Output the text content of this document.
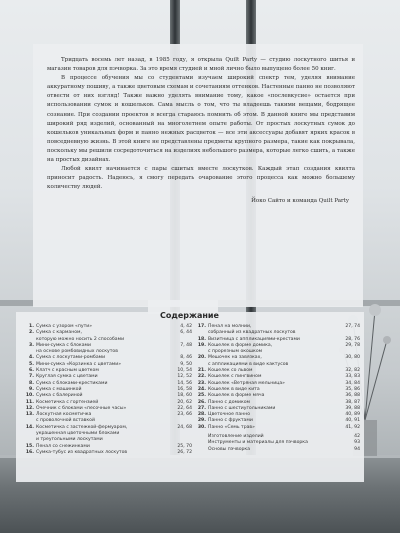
Тридцать восемь лет назад, в 1985 году, я открыла Quilt Party — студию лоскутного шитья и магазин товаров для пэчворка. За это время студией и мной лично было выпущено более 50 книг.

В процессе обучения мы со студентами изучаем широкий спектр тем, уделяя внимание аккуратному пошиву, а также цветовым схемам и сочетаниям оттенков. Настенные панно не позволяют отвести от них взгляд! Также важно уделять внимание тому, какое «послевкусие» остается при использовании сумок и кошельков. Сама мысль о том, что ты владеешь такими вещами, бодрящее сознание. При создании проектов я всегда стараюсь помнить об этом. В данной книге мы представим широкий ряд изделий, основанный на многолетнем опыте работы. От простых лоскутных сумок до кошельков уникальных форм и панно нежных расцветок — все эти аксессуары добавят ярких красок в повседневную жизнь. В этой книге не представлены предметы крупного размера, такие как покрывала, поскольку мы решили сосредоточиться на изделиях небольшого размера, которые легко сшить, а также на простых дизайнах.

Любой квилт начинается с пары сшитых вместе лоскутков. Каждый этап создания квилта приносит радость. Надеюсь, я смогу передать очарование этого процесса как можно большему количеству людей.

Йоко Сайто и команда Quilt Party

Содержание
1. Сумка с узором «пути»	4, 42
2. Сумка с карманом,
которую можно носить 2 способами
6, 44
3. Мини-сумка с блоками
на основе ромбовидных лоскутов
7, 48
4. Сумка с лоскутами-ромбами	8, 46
5. Мини-сумка «Корзинка с цветами»	9, 50
6. Клатч с красным цветком	10, 54
7. Круглая сумка с цветами	12, 52
8. Сумка с блоками-крестиками	14, 56
9. Сумка с машинкой	16, 58
10. Сумка с балериной	18, 60
11. Косметичка с гортензией	20, 62
12. Очечник с блоками «песочные часы»	22, 64
13. Лоскутная косметичка
с проволочной вставкой
23, 66
14. Косметичка с застежкой-фермуаром,
украшенная цветочными блоками
и треугольными лоскутами
24, 68
15. Пенал со снежинками	25, 70
16. Сумка-тубус из квадратных лоскутов	26, 72
17. Пенал на молнии,
собранный из квадратных лоскутов
27, 74
18. Визитница с аппликациями-крестами	28, 76
19. Кошелек в форме домика,
с прорезным окошком
29, 78
20. Мешочек на завязках,
с аппликациями в виде кактусов
30, 80
21. Кошелек со львом	32, 82
22. Кошелек с пингвином	33, 83
23. Кошелек «Ветряная мельница»	34, 84
24. Кошелек в виде кита	35, 86
25. Кошелек в форме мяча	36, 88
26. Панно с домиком	38, 87
27. Панно с шестиугольниками	39, 88
28. Цветочное панно	40, 89
29. Панно с фруктами	40, 91
30. Панно «Семь трав»	41, 92
Изготовление изделий	42
Инструменты и материалы для пэчворка	93
Основы пэчворка	94
